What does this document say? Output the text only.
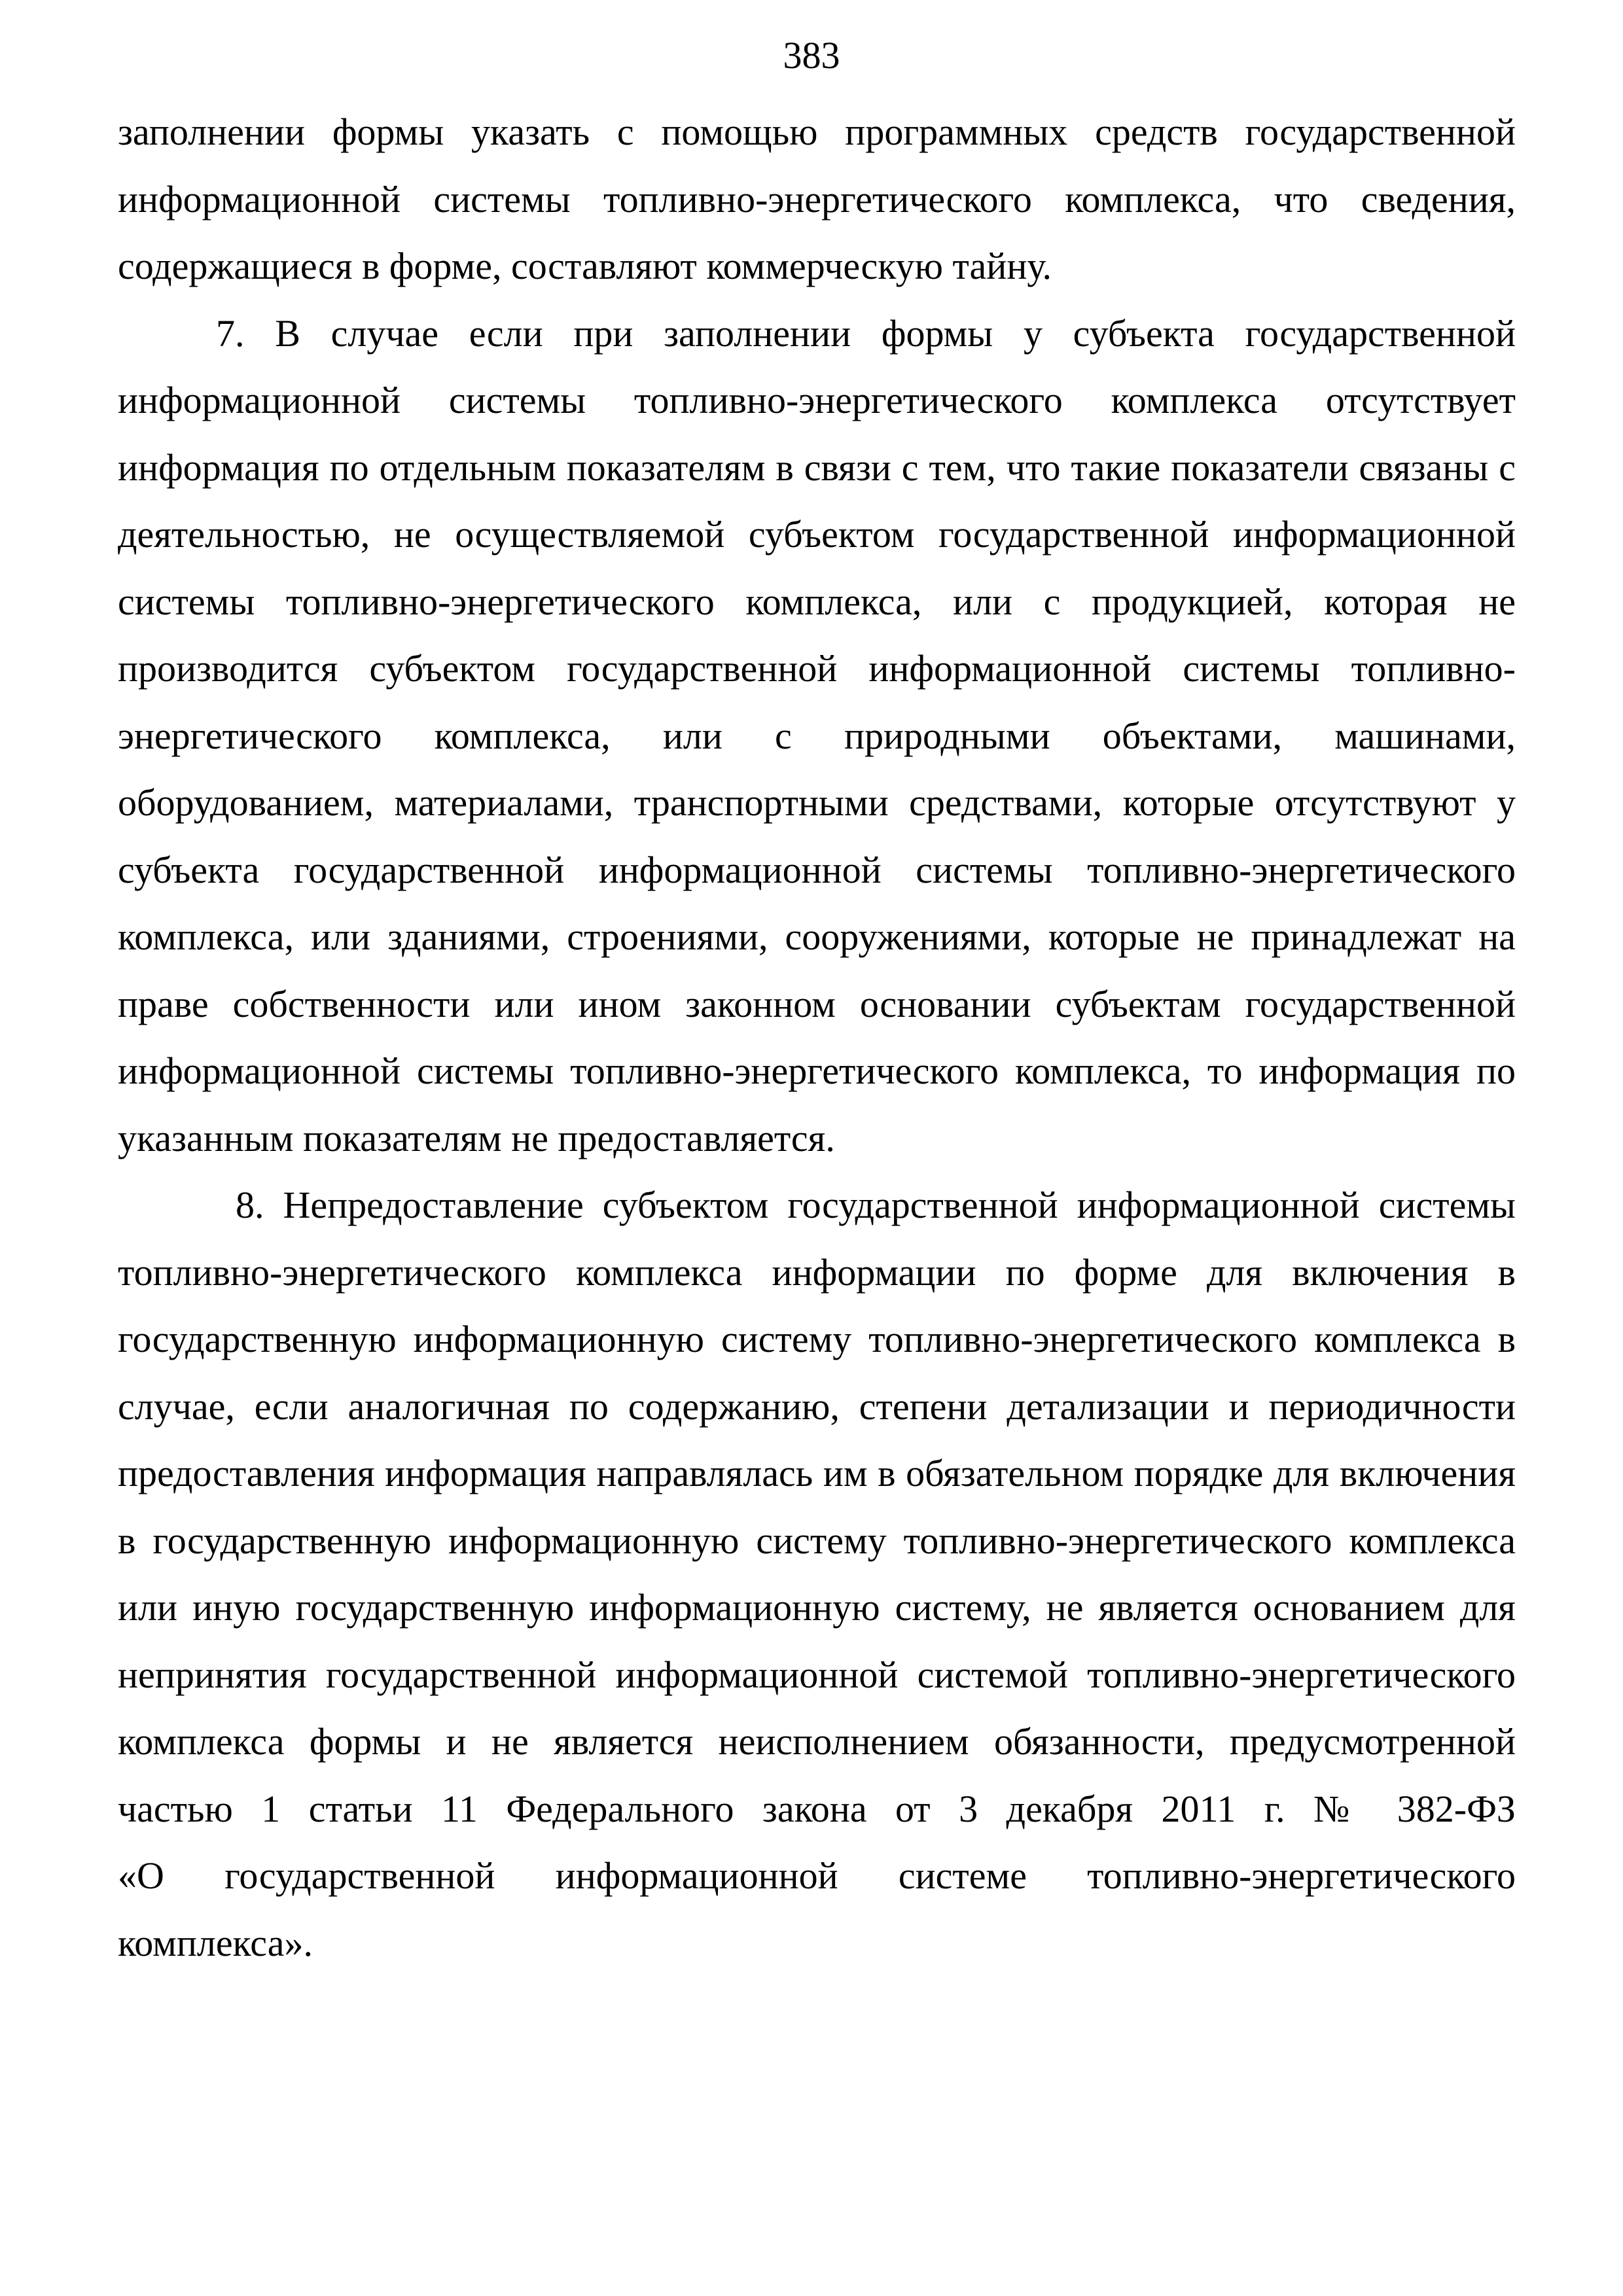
383
заполнении формы указать с помощью программных средств государственной
информационной системы топливно-энергетического комплекса, что сведения,
содержащиеся в форме, составляют коммерческую тайну.
7. В случае если при заполнении формы у субъекта государственной
информационной системы топливно-энергетического комплекса отсутствует
информация по отдельным показателям в связи с тем, что такие показатели связаны с
деятельностью, не осуществляемой субъектом государственной информационной
системы топливно-энергетического комплекса, или с продукцией, которая не
производится субъектом государственной информационной системы топливно-
энергетического комплекса, или с природными объектами, машинами,
оборудованием, материалами, транспортными средствами, которые отсутствуют у
субъекта государственной информационной системы топливно-энергетического
комплекса, или зданиями, строениями, сооружениями, которые не принадлежат на
праве собственности или ином законном основании субъектам государственной
информационной системы топливно-энергетического комплекса, то информация по
указанным показателям не предоставляется.
8. Непредоставление субъектом государственной информационной системы
топливно-энергетического комплекса информации по форме для включения в
государственную информационную систему топливно-энергетического комплекса в
случае, если аналогичная по содержанию, степени детализации и периодичности
предоставления информация направлялась им в обязательном порядке для включения
в государственную информационную систему топливно-энергетического комплекса
или иную государственную информационную систему, не является основанием для
непринятия государственной информационной системой топливно-энергетического
комплекса формы и не является неисполнением обязанности, предусмотренной
частью 1 статьи 11 Федерального закона от 3 декабря 2011 г. № 382-ФЗ
«О государственной информационной системе топливно-энергетического
комплекса».
